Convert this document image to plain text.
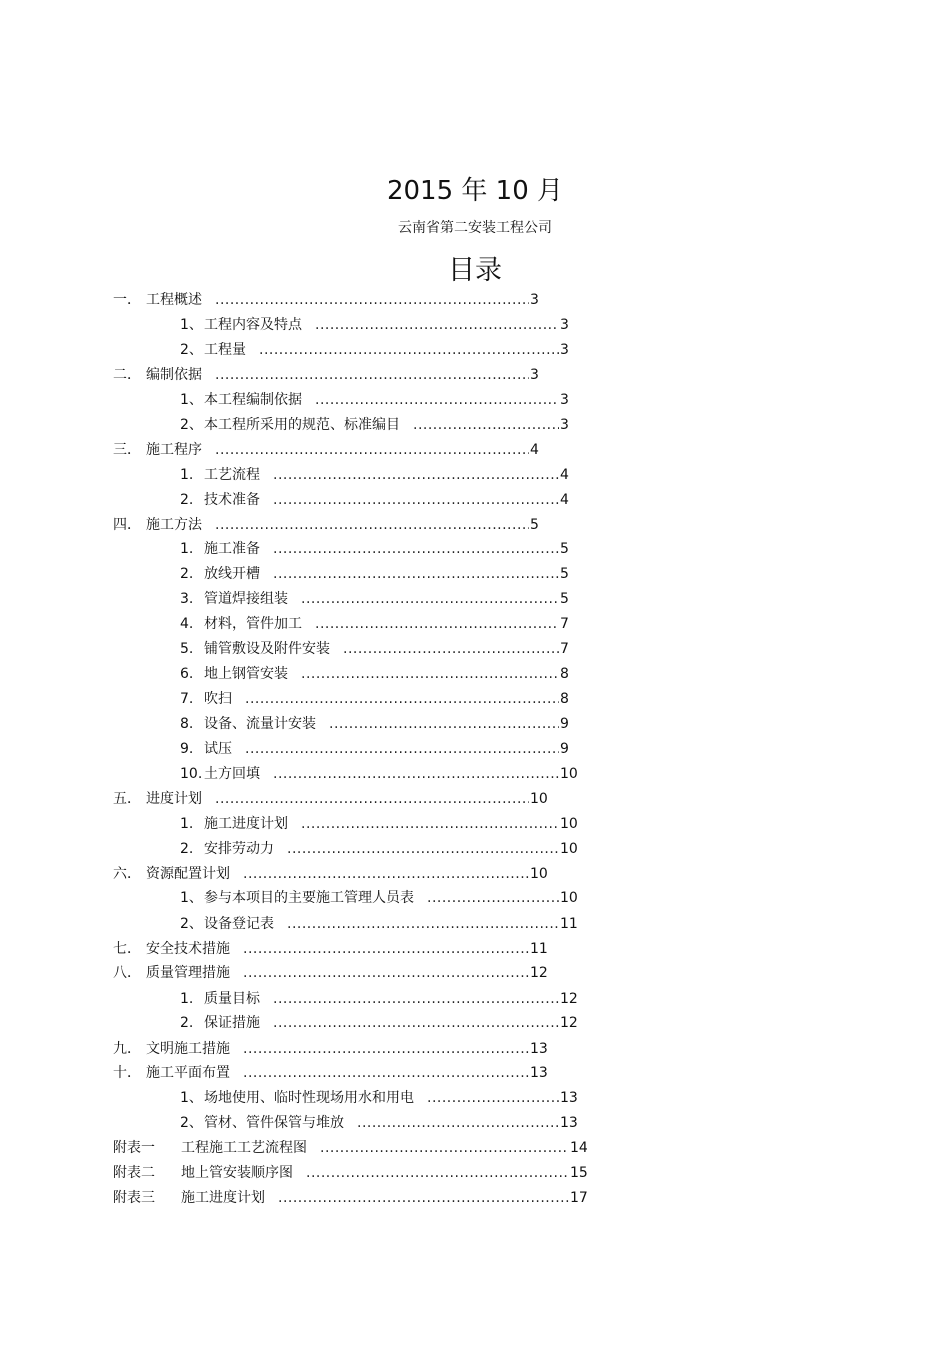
2015 年 10 月
云南省第二安装工程公司
目录
一． 工程概述 .....	3
1、 工程内容及特点 .....	3
2、 工程量 .....	3
二． 编制依据 .....	3
1、 本工程编制依据 .....	3
2、 本工程所采用的规范、标准编目 .....	3
三． 施工程序 .....	4
1. 工艺流程 .....	4
2. 技术准备 .....	4
四． 施工方法 .....	5
1. 施工准备 .....	5
2. 放线开槽 .....	5
3. 管道焊接组装 .....	5
4. 材料，管件加工 .....	7
5. 铺管敷设及附件安装 .....	7
6. 地上钢管安装 .....	8
7. 吹扫 .....	8
8. 设备、流量计安装 .....	9
9. 试压 .....	9
10. 土方回填 .....	10
五． 进度计划 .....	10
1. 施工进度计划 .....	10
2. 安排劳动力 .....	10
六． 资源配置计划 .....	10
1、 参与本项目的主要施工管理人员表 .....	10
2、 设备登记表 .....	11
七． 安全技术措施 .....	11
八． 质量管理措施 .....	12
1. 质量目标 .....	12
2. 保证措施 .....	12
九． 文明施工措施 .....	13
十． 施工平面布置 .....	13
1、 场地使用、临时性现场用水和用电 .....	13
2、 管材、管件保管与堆放 .....	13
附表一 工程施工工艺流程图 .....	14
附表二 地上管安装顺序图 .....	15
附表三 施工进度计划 .....	17
